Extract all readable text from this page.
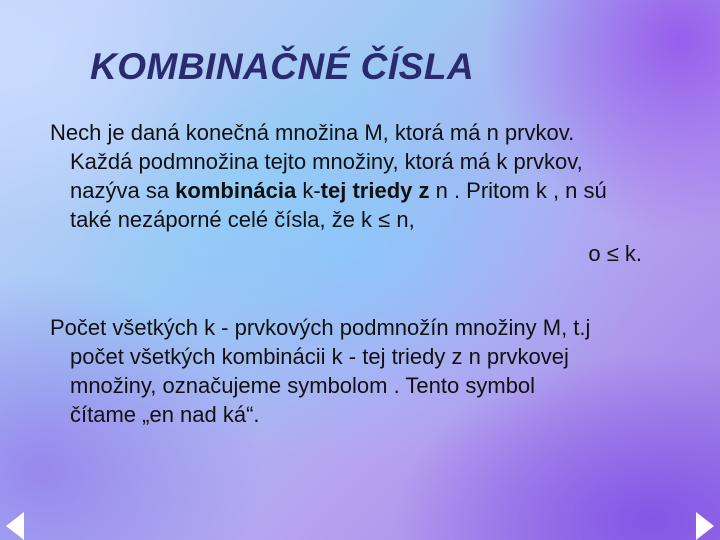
KOMBINAČNÉ ČÍSLA
Nech je daná konečná množina M, ktorá má n prvkov.
Každá podmnožina tejto množiny, ktorá má k prvkov,
nazýva sa kombinácia k-tej triedy z n . Pritom k , n sú
také nezáporné celé čísla, že k ≤ n,
o ≤ k.
Počet všetkých k - prvkových podmnožín množiny M, t.j
počet všetkých kombinácii k - tej triedy z n prvkovej
množiny, označujeme symbolom . Tento symbol
čítame „en nad ká“.
